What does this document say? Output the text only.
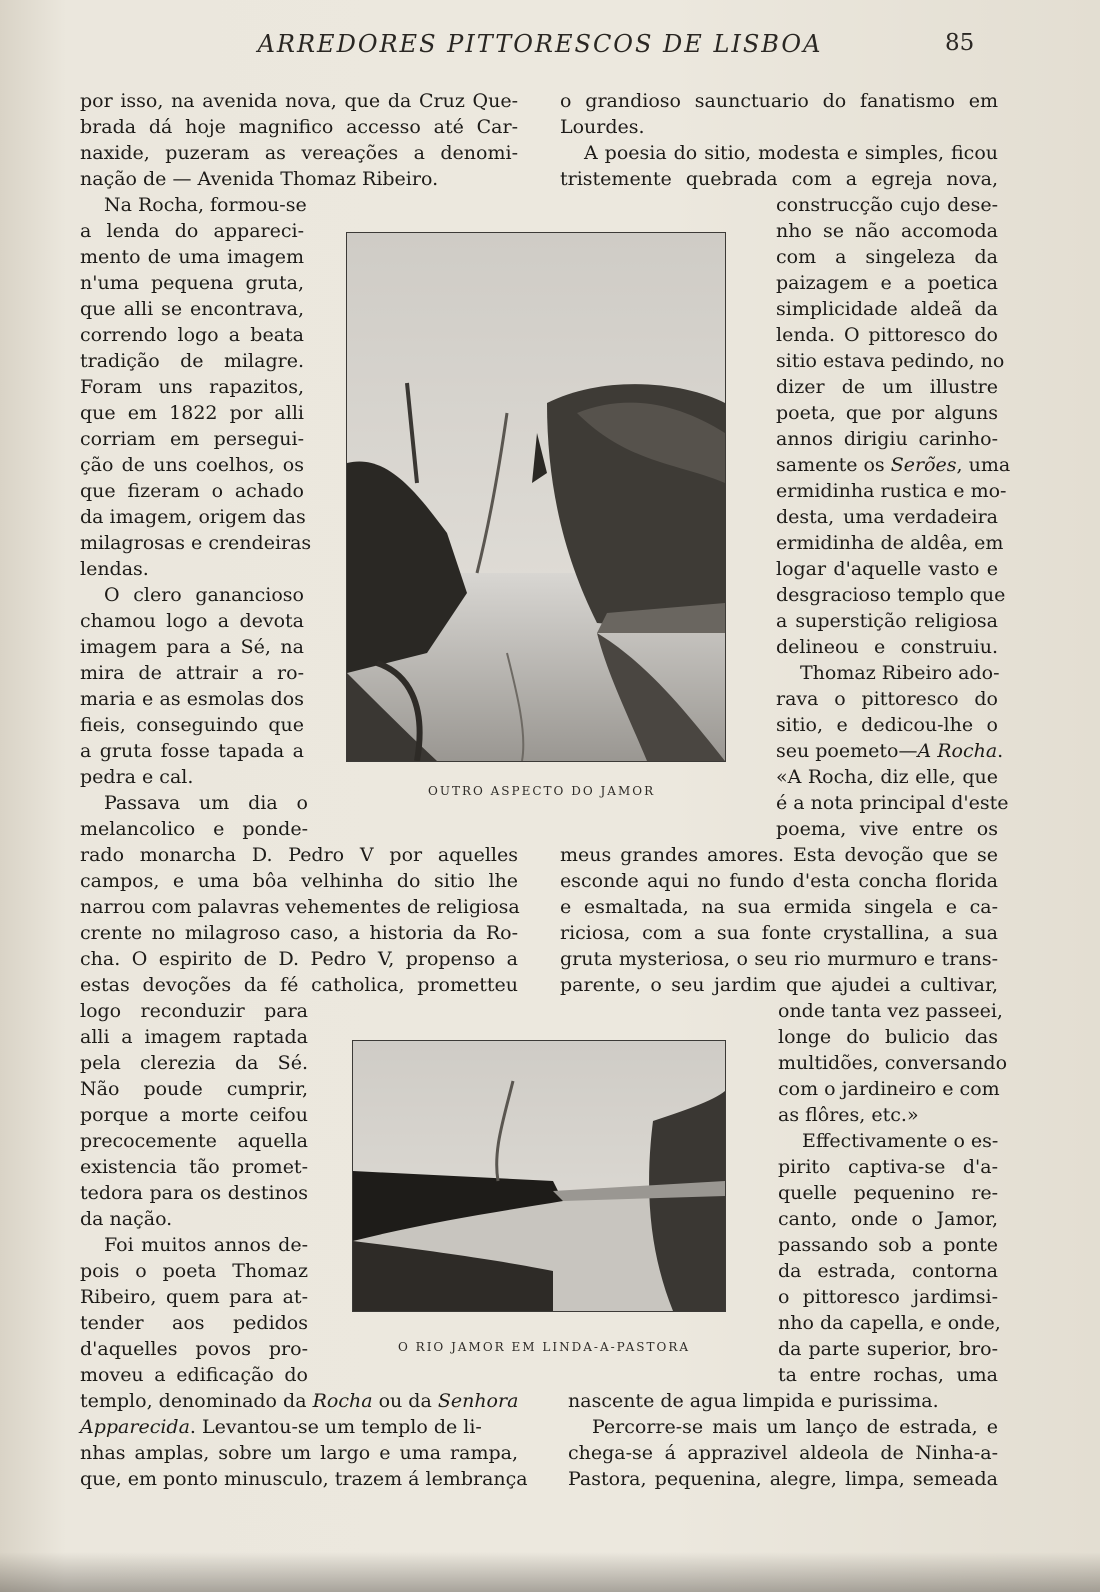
ARREDORES PITTORESCOS DE LISBOA	85
OUTRO ASPECTO DO JAMOR
O RIO JAMOR EM LINDA-A-PASTORA
por isso, na avenida nova, que da Cruz Que-
brada dá hoje magnifico accesso até Car-
naxide, puzeram as vereações a denomi-
nação de — Avenida Thomaz Ribeiro.
Na Rocha, formou-se
a lenda do appareci-
mento de uma imagem
n'uma pequena gruta,
que alli se encontrava,
correndo logo a beata
tradição de milagre.
Foram uns rapazitos,
que em 1822 por alli
corriam em persegui-
ção de uns coelhos, os
que fizeram o achado
da imagem, origem das
milagrosas e crendeiras
lendas.
O clero ganancioso
chamou logo a devota
imagem para a Sé, na
mira de attrair a ro-
maria e as esmolas dos
fieis, conseguindo que
a gruta fosse tapada a
pedra e cal.
Passava um dia o
melancolico e ponde-
rado monarcha D. Pedro V por aquelles
campos, e uma bôa velhinha do sitio lhe
narrou com palavras vehementes de religiosa
crente no milagroso caso, a historia da Ro-
cha. O espirito de D. Pedro V, propenso a
estas devoções da fé catholica, prometteu
logo reconduzir para
alli a imagem raptada
pela clerezia da Sé.
Não poude cumprir,
porque a morte ceifou
precocemente aquella
existencia tão promet-
tedora para os destinos
da nação.
Foi muitos annos de-
pois o poeta Thomaz
Ribeiro, quem para at-
tender aos pedidos
d'aquelles povos pro-
moveu a edificação do
templo, denominado da Rocha ou da Senhora
Apparecida. Levantou-se um templo de li-
nhas amplas, sobre um largo e uma rampa,
que, em ponto minusculo, trazem á lembrança
o grandioso saunctuario do fanatismo em
Lourdes.
A poesia do sitio, modesta e simples, ficou
tristemente quebrada com a egreja nova,
construcção cujo dese-
nho se não accomoda
com a singeleza da
paizagem e a poetica
simplicidade aldeã da
lenda. O pittoresco do
sitio estava pedindo, no
dizer de um illustre
poeta, que por alguns
annos dirigiu carinho-
samente os Serões, uma
ermidinha rustica e mo-
desta, uma verdadeira
ermidinha de aldêa, em
logar d'aquelle vasto e
desgracioso templo que
a superstição religiosa
delineou e construiu.
Thomaz Ribeiro ado-
rava o pittoresco do
sitio, e dedicou-lhe o
seu poemeto—A Rocha.
«A Rocha, diz elle, que
é a nota principal d'este
poema, vive entre os
meus grandes amores. Esta devoção que se
esconde aqui no fundo d'esta concha florida
e esmaltada, na sua ermida singela e ca-
riciosa, com a sua fonte crystallina, a sua
gruta mysteriosa, o seu rio murmuro e trans-
parente, o seu jardim que ajudei a cultivar,
onde tanta vez passeei,
longe do bulicio das
multidões, conversando
com o jardineiro e com
as flôres, etc.»
Effectivamente o es-
pirito captiva-se d'a-
quelle pequenino re-
canto, onde o Jamor,
passando sob a ponte
da estrada, contorna
o pittoresco jardimsi-
nho da capella, e onde,
da parte superior, bro-
ta entre rochas, uma
nascente de agua limpida e purissima.
Percorre-se mais um lanço de estrada, e
chega-se á apprazivel aldeola de Ninha-a-
Pastora, pequenina, alegre, limpa, semeada
